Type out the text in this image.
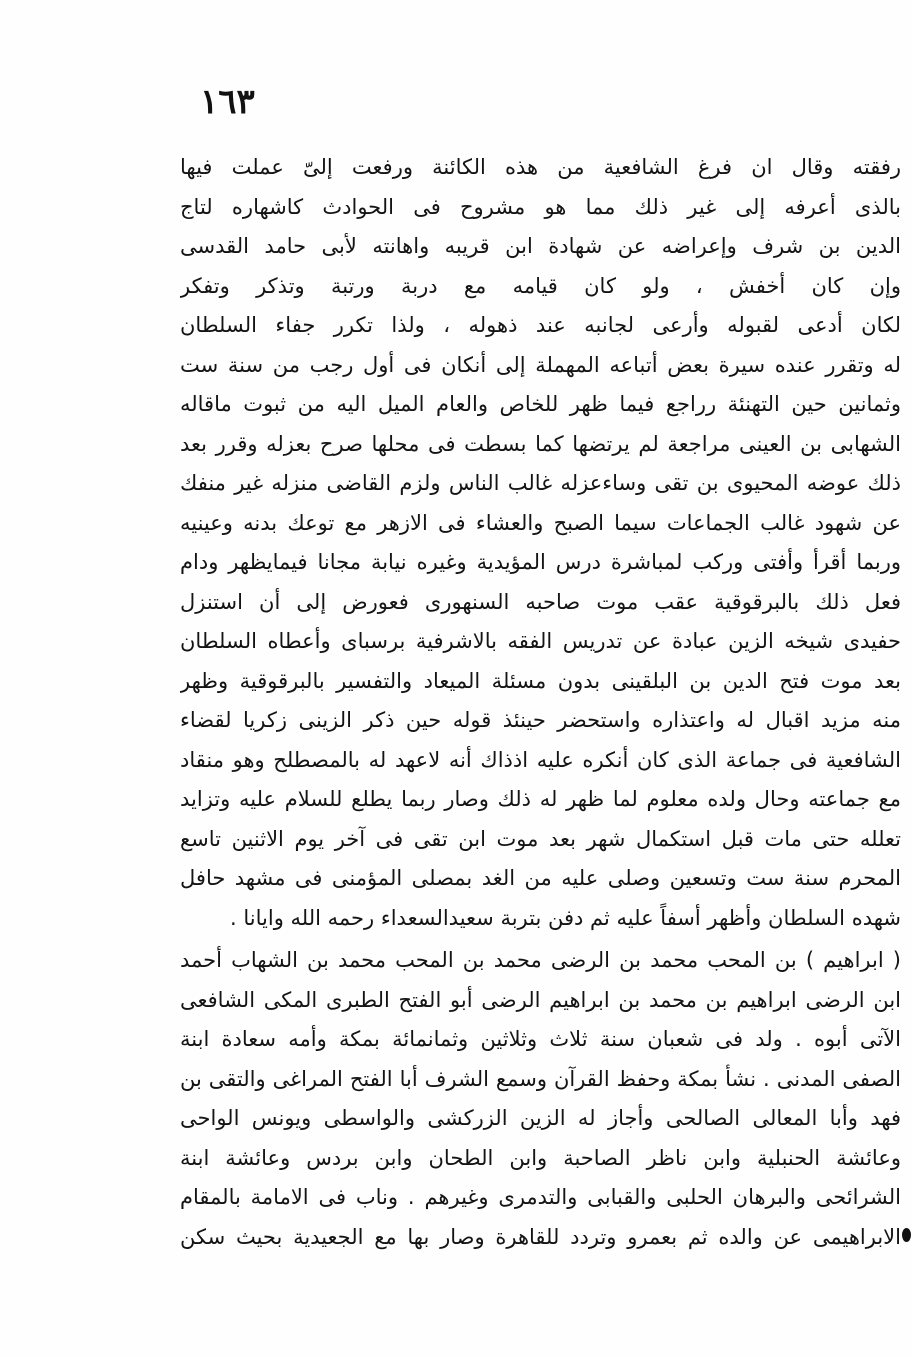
١٦٣
رفقته وقال ان فرغ الشافعية من هذه الكائنة ورفعت إلىّ عملت فيها
بالذى أعرفه إلى غير ذلك مما هو مشروح فى الحوادث كاشهاره لتاج
الدين بن شرف وإعراضه عن شهادة ابن قريبه واهانته لأبى حامد القدسى
وإن كان أخفش ، ولو كان قيامه مع دربة ورتبة وتذكر وتفكر
لكان أدعى لقبوله وأرعى لجانبه عند ذهوله ، ولذا تكرر جفاء السلطان
له وتقرر عنده سيرة بعض أتباعه المهملة إلى أنكان فى أول رجب من سنة ست
وثمانين حين التهنئة رراجع فيما ظهر للخاص والعام الميل اليه من ثبوت ماقاله
الشهابى بن العينى مراجعة لم يرتضها كما بسطت فى محلها صرح بعزله وقرر بعد
ذلك عوضه المحيوى بن تقى وساءعزله غالب الناس ولزم القاضى منزله غير منفك
عن شهود غالب الجماعات سيما الصبح والعشاء فى الازهر مع توعك بدنه وعينيه
وربما أقرأ وأفتى وركب لمباشرة درس المؤيدية وغيره نيابة مجانا فيمايظهر ودام
فعل ذلك بالبرقوقية عقب موت صاحبه السنهورى فعورض إلى أن استنزل
حفيدى شيخه الزين عبادة عن تدريس الفقه بالاشرفية برسباى وأعطاه السلطان
بعد موت فتح الدين بن البلقينى بدون مسئلة الميعاد والتفسير بالبرقوقية وظهر
منه مزيد اقبال له واعتذاره واستحضر حينئذ قوله حين ذكر الزينى زكريا لقضاء
الشافعية فى جماعة الذى كان أنكره عليه اذذاك أنه لاعهد له بالمصطلح وهو منقاد
مع جماعته وحال ولده معلوم لما ظهر له ذلك وصار ربما يطلع للسلام عليه وتزايد
تعلله حتى مات قبل استكمال شهر بعد موت ابن تقى فى آخر يوم الاثنين تاسع
المحرم سنة ست وتسعين وصلى عليه من الغد بمصلى المؤمنى فى مشهد حافل
شهده السلطان وأظهر أسفاً عليه ثم دفن بتربة سعيدالسعداء رحمه الله وايانا .
( ابراهيم ) بن المحب محمد بن الرضى محمد بن المحب محمد بن الشهاب أحمد
ابن الرضى ابراهيم بن محمد بن ابراهيم الرضى أبو الفتح الطبرى المكى الشافعى
الآتى أبوه . ولد فى شعبان سنة ثلاث وثلاثين وثمانمائة بمكة وأمه سعادة ابنة
الصفى المدنى . نشأ بمكة وحفظ القرآن وسمع الشرف أبا الفتح المراغى والتقى بن
فهد وأبا المعالى الصالحى وأجاز له الزين الزركشى والواسطى ويونس الواحى
وعائشة الحنبلية وابن ناظر الصاحبة وابن الطحان وابن بردس وعائشة ابنة
الشرائحى والبرهان الحلبى والقبابى والتدمرى وغيرهم . وناب فى الامامة بالمقام
الابراهيمى عن والده ثم بعمرو وتردد للقاهرة وصار بها مع الجعيدية بحيث سكن
